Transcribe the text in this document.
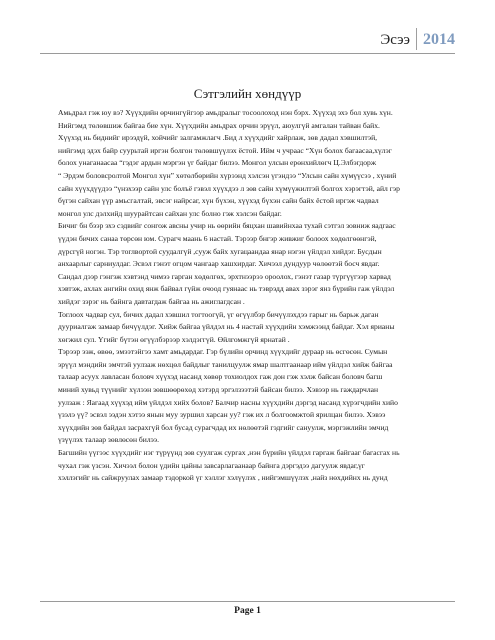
Эсээ 2014
Сэтгэлийн хөндүүр

Амьдрал гэж юу вэ? Хүүхдийн өрчингүйгээр амьдралыг тосоолоход нэн бэрх. Хүүхэд эхэ бол хувь хүн.
Нийгэмд төлөвшиж байгаа бие хүн. Хүүхдийн амьдрах орчин эрүүл, аюулгүй амгалан тайван байх.
Хүүхэд нь биднийг ирээдүй, хойчийг залгамжлагч .Бид л хүүхдийг хайрлаж, зөв дадал хэвшилтэй,
нийгэмд эдэх байр суурьтай иргэн болгон төлөвшүүлэх ёстой. Ийм ч учраас “Хүн болох багаасаа,хүлэг
болох унаганаасаа “гэдэг ардын мэргэн үг байдаг билээ. Монгол улсын ерөнхийлөгч Ц.Элбэгдорж
“ Эрдэм боловсролтой Монгол хүн” хөтөлбөрийн хүрээнд хэлсэн үгэндээ “Улсын сайн хүмүүсээ , хүний
сайн хүүхдүүдээ “үнэхээр сайн улс болъё гэвэл хүүхдээ л зөв сайн хүмүүжилтэй болгох хэрэгтэй, айл гэр
бүгэн сайхан үүр амьсгалтай, эвсэг найрсаг, хүн бүхэн, хүүхэд бүхэн сайн байх ёстой иргэж чадвал
монгол улс дэлхийд шуурайтсан сайхан улс болно гэж хэлсэн байдаг.

Бичиг бн бээр эхэ сэдвийг сонгож авсны учир нь өөрийн бяцхан шавийнхаа тухай сэтгэл зовниж яадгаас
үүдэн бичих санаа төрсөн юм. Сурагч маань 6 настай. Тэрээр бнгэр живжиг болоох хөдөлгөөнгэй,
дүрсгүй ногэн. Тэр тоглвортой суудалгүй ,сууж байх хугацаандаа янар нэгэн үйлдэл хийдэг. Бусдын
анхаарлыг сарниулдаг. Эсвэл гэнэт огцом чангаар хашхирдаг. Хичээл дундуур чөлөөтэй босч явдаг.
Сандал дээр гэнгэж хэвтэнд чимээ гарган хөдөлгөх, эрхтнээрээ ороолох, гэнэт газар түргүүгээр харвад
хэвтэж, ахлах ангийн охид янж байвал гүйж очоод гуянаас нь тэврэдд авах зэрэг янз бүрийн гаж үйлдэл
хийдэг зэрэг нь байнга давтагдаж байгаа нь ажиглагдсан .

Тоглоох чадвар сул, бичих дадал хэвшил тогтоогүй, үг өгүүлбэр бичүүлэхдээ гарыг нь барьж даган
дууриалгаж замаар бичүүлдэг. Хийж байгаа үйлдэл нь 4 настай хүүхдийн хэмжээнд байдаг. Хэл ярианы
хөгжил сул. Үгийг бүтэн өгүүлбэрээр хэлдэггүй. Өйлгомжгүй ярнатай .

Тэрээр ээж, өвөө, эмээтэйгээ хамт амьдардаг. Гэр бүлийн орчинд хүүхдийг дураар нь өсгөсөн. Сумын
эрүүл мэндийн эмчтэй уулзаж нөхцөл байдлыг танилцуулж ямар шалтгаанаар ийм үйлдэл хийж байгаа
талаар асуух лавласан боловч хүүхэд насанд хөвөр тохиолдох гаж дон гэж хэлж байсан боловч багш
миний хувьд түүнийг хүлээн зөвшөөрөхөд хэтэрд эргэлзээтэй байсан билээ. Хэвээр нь гаждарчлан
уулзаж : Яагаад хүүхэд ийм үйлдэл хийх болов? Балчир насны хүүхдийн дэргэд насанд хүрэгчдийн хийо
үзэлэ үү? эсвэл ээдэн хэтээ янын муу зуршил харсан уу? гэж их л болгоомжтой ярилцан билээ. Хэвээ
хүүхдийн зөв байдал засрахгүй бол бусад сурагчдад их нөлөөтэй гэдгийг сануулж, мэргэжлийн эмчид
үзүүлэх талаар зөвлөсөн билээ.

Багшийн үүгээс хүүхдийг нэг түрүүнд зөв суулгаж сургах ,нэн бүрийн үйлдэл гаргаж байгааг багасгах нь
чухал гэж үзсэн. Хичээл болон үдийн цайны завсарлагаанаар байнга дэргэдээ дагуулж явдаг,үг
хэллэгийг нь сайжруулах замаар тэдоркой үг хэллэг хэлүүлэх , нийгэмшүүлэх ,найз нөхдийнх нь дунд

Page 1
